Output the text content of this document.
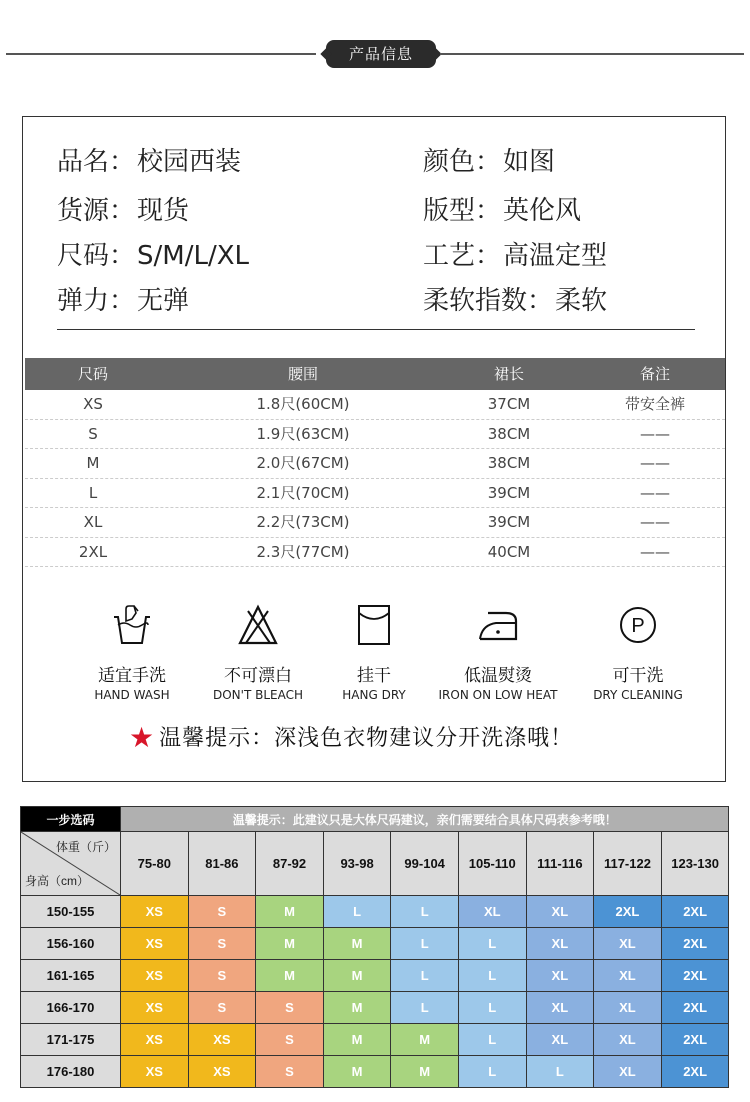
产品信息
品名：校园西装	颜色：如图
货源：现货	版型：英伦风
尺码：S/M/L/XL	工艺：高温定型
弹力：无弹	柔软指数：柔软
尺码	腰围	裙长	备注
XS	1.8尺(60CM)	37CM	带安全裤
S	1.9尺(63CM)	38CM	——
M	2.0尺(67CM)	38CM	——
L	2.1尺(70CM)	39CM	——
XL	2.2尺(73CM)	39CM	——
2XL	2.3尺(77CM)	40CM	——
适宜手洗
HAND WASH
不可漂白
DON'T BLEACH
挂干
HANG DRY
低温熨烫
IRON ON LOW HEAT
P
可干洗
DRY CLEANING
★ 温馨提示：深浅色衣物建议分开洗涤哦！
一步选码	温馨提示：此建议只是大体尺码建议，亲们需要结合具体尺码表参考哦！								

体重（斤）
身高（cm）	75-80	81-86	87-92	93-98	99-104	105-110	111-116	117-122	123-130
150-155	XS	S	M	L	L	XL	XL	2XL	2XL
156-160	XS	S	M	M	L	L	XL	XL	2XL
161-165	XS	S	M	M	L	L	XL	XL	2XL
166-170	XS	S	S	M	L	L	XL	XL	2XL
171-175	XS	XS	S	M	M	L	XL	XL	2XL
176-180	XS	XS	S	M	M	L	L	XL	2XL
